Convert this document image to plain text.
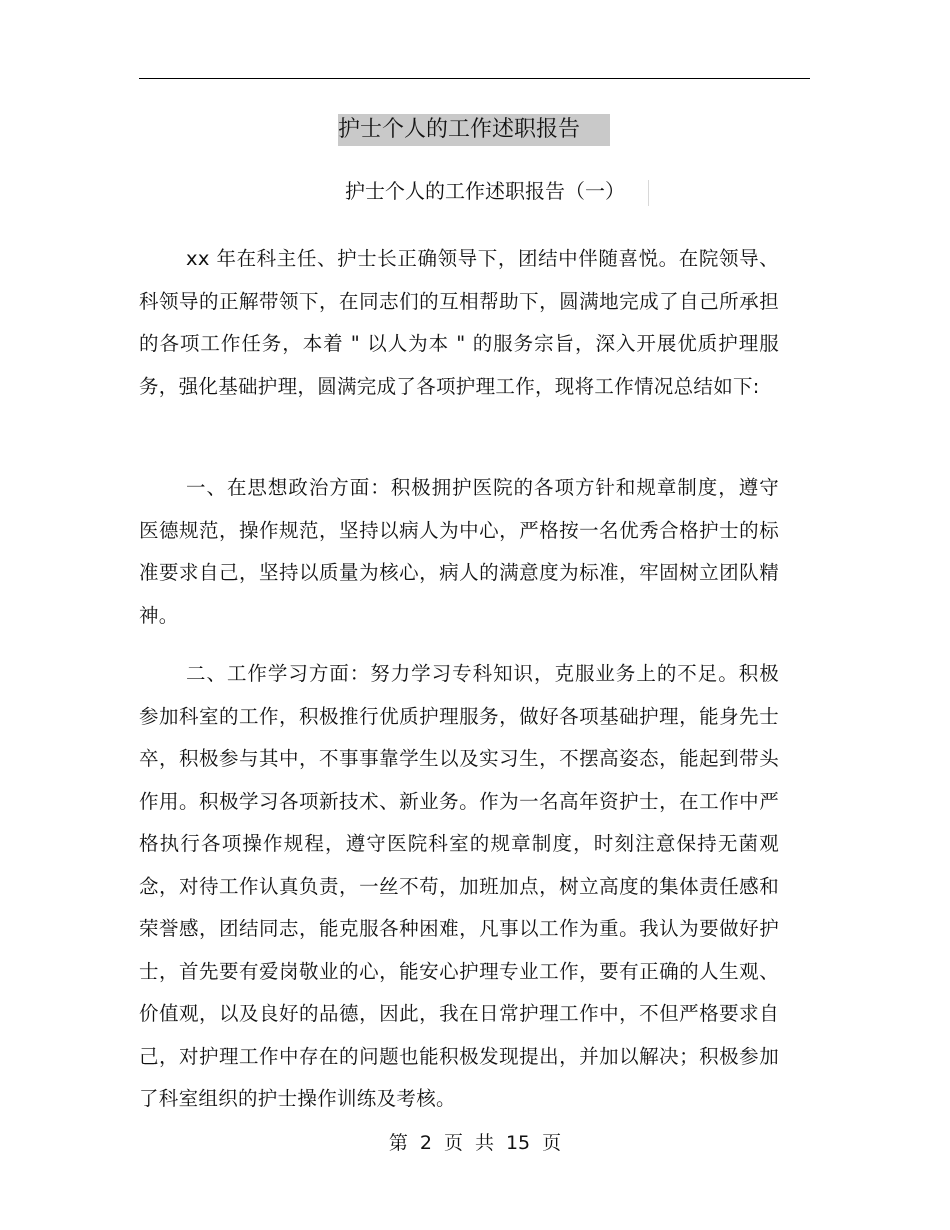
护士个人的工作述职报告
护士个人的工作述职报告（一）

xx 年在科主任、护士长正确领导下，团结中伴随喜悦。在院领导、科领导的正解带领下，在同志们的互相帮助下，圆满地完成了自己所承担的各项工作任务，本着 " 以人为本 " 的服务宗旨，深入开展优质护理服务，强化基础护理，圆满完成了各项护理工作，现将工作情况总结如下:

一、在思想政治方面：积极拥护医院的各项方针和规章制度，遵守医德规范，操作规范，坚持以病人为中心，严格按一名优秀合格护士的标准要求自己，坚持以质量为核心，病人的满意度为标准，牢固树立团队精神。

二、工作学习方面：努力学习专科知识，克服业务上的不足。积极参加科室的工作，积极推行优质护理服务，做好各项基础护理，能身先士卒，积极参与其中，不事事靠学生以及实习生，不摆高姿态，能起到带头作用。积极学习各项新技术、新业务。作为一名高年资护士，在工作中严格执行各项操作规程，遵守医院科室的规章制度，时刻注意保持无菌观念，对待工作认真负责，一丝不苟，加班加点，树立高度的集体责任感和荣誉感，团结同志，能克服各种困难，凡事以工作为重。我认为要做好护士，首先要有爱岗敬业的心，能安心护理专业工作，要有正确的人生观、价值观，以及良好的品德，因此，我在日常护理工作中，不但严格要求自己，对护理工作中存在的问题也能积极发现提出，并加以解决；积极参加了科室组织的护士操作训练及考核。

第 2 页 共 15 页
